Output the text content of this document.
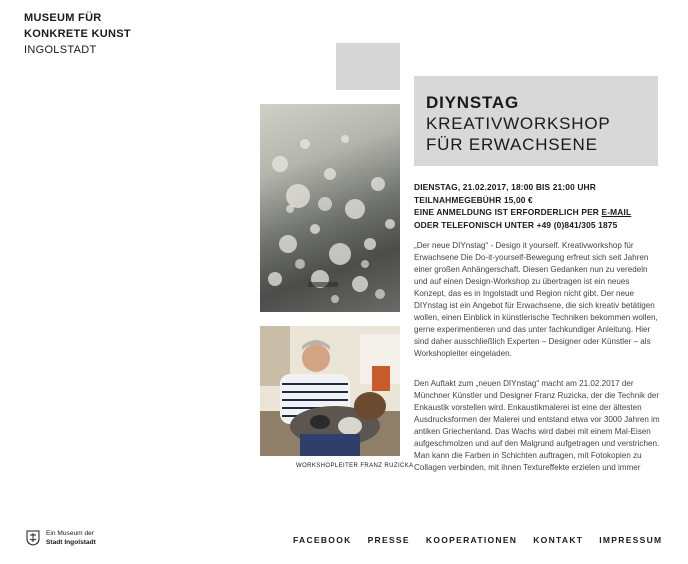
MUSEUM FÜR
KONKRETE KUNST
INGOLSTADT
DIYNSTAG
KREATIVWORKSHOP
FÜR ERWACHSENE
WORKSHOPLEITER FRANZ RUZICKA
DIENSTAG, 21.02.2017, 18:00 BIS 21:00 UHR
TEILNAHMEGEBÜHR 15,00 €
EINE ANMELDUNG IST ERFORDERLICH PER E-MAIL
ODER TELEFONISCH UNTER +49 (0)841/305 1875

„Der neue DIYnstag“ - Design it yourself. Kreativworkshop für Erwachsene Die Do-it-yourself-Bewegung erfreut sich seit Jahren einer großen Anhängerschaft. Diesen Gedanken nun zu veredeln und auf einen Design-Workshop zu übertragen ist ein neues Konzept, das es in Ingolstadt und Region nicht gibt. Der neue DIYnstag ist ein Angebot für Erwachsene, die sich kreativ betätigen wollen, einen Einblick in künstlerische Techniken bekommen wollen, gerne experimentieren und das unter fachkundiger Anleitung. Hier sind daher ausschließlich Experten – Designer oder Künstler – als Workshopleiter eingeladen.

Den Auftakt zum „neuen DIYnstag“ macht am 21.02.2017 der Münchner Künstler und Designer Franz Ruzicka, der die Technik der Enkaustik vorstellen wird. Enkaustikmalerei ist eine der ältesten Ausdrucksformen der Malerei und entstand etwa vor 3000 Jahren im antiken Griechenland. Das Wachs wird dabei mit einem Mal-Eisen aufgeschmolzen und auf den Malgrund aufgetragen und verstrichen. Man kann die Farben in Schichten auftragen, mit Fotokopien zu Collagen verbinden, mit ihnen Textureffekte erzielen und immer

Ein Museum der
Stadt Ingolstadt	FACEBOOK PRESSE KOOPERATIONEN KONTAKT IMPRESSUM
